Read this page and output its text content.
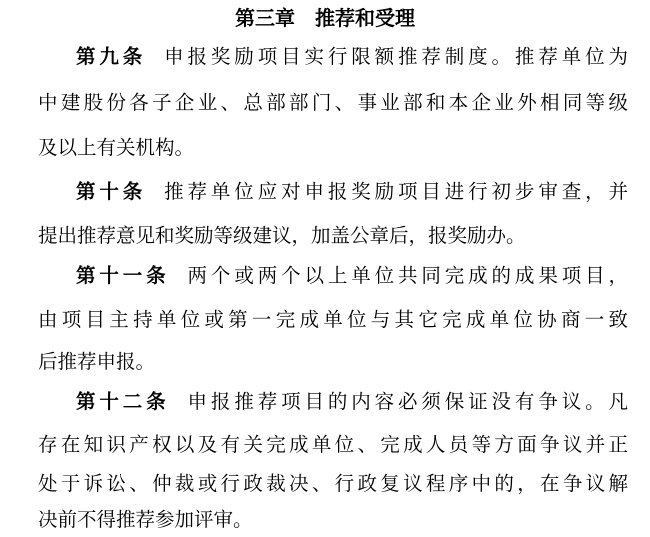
第三章　推荐和受理
第九条 申报奖励项目实行限额推荐制度。推荐单位为
中建股份各子企业、总部部门、事业部和本企业外相同等级
及以上有关机构。
第十条 推荐单位应对申报奖励项目进行初步审查，并
提出推荐意见和奖励等级建议，加盖公章后，报奖励办。
第十一条 两个或两个以上单位共同完成的成果项目，
由项目主持单位或第一完成单位与其它完成单位协商一致
后推荐申报。
第十二条 申报推荐项目的内容必须保证没有争议。凡
存在知识产权以及有关完成单位、完成人员等方面争议并正
处于诉讼、仲裁或行政裁决、行政复议程序中的，在争议解
决前不得推荐参加评审。
